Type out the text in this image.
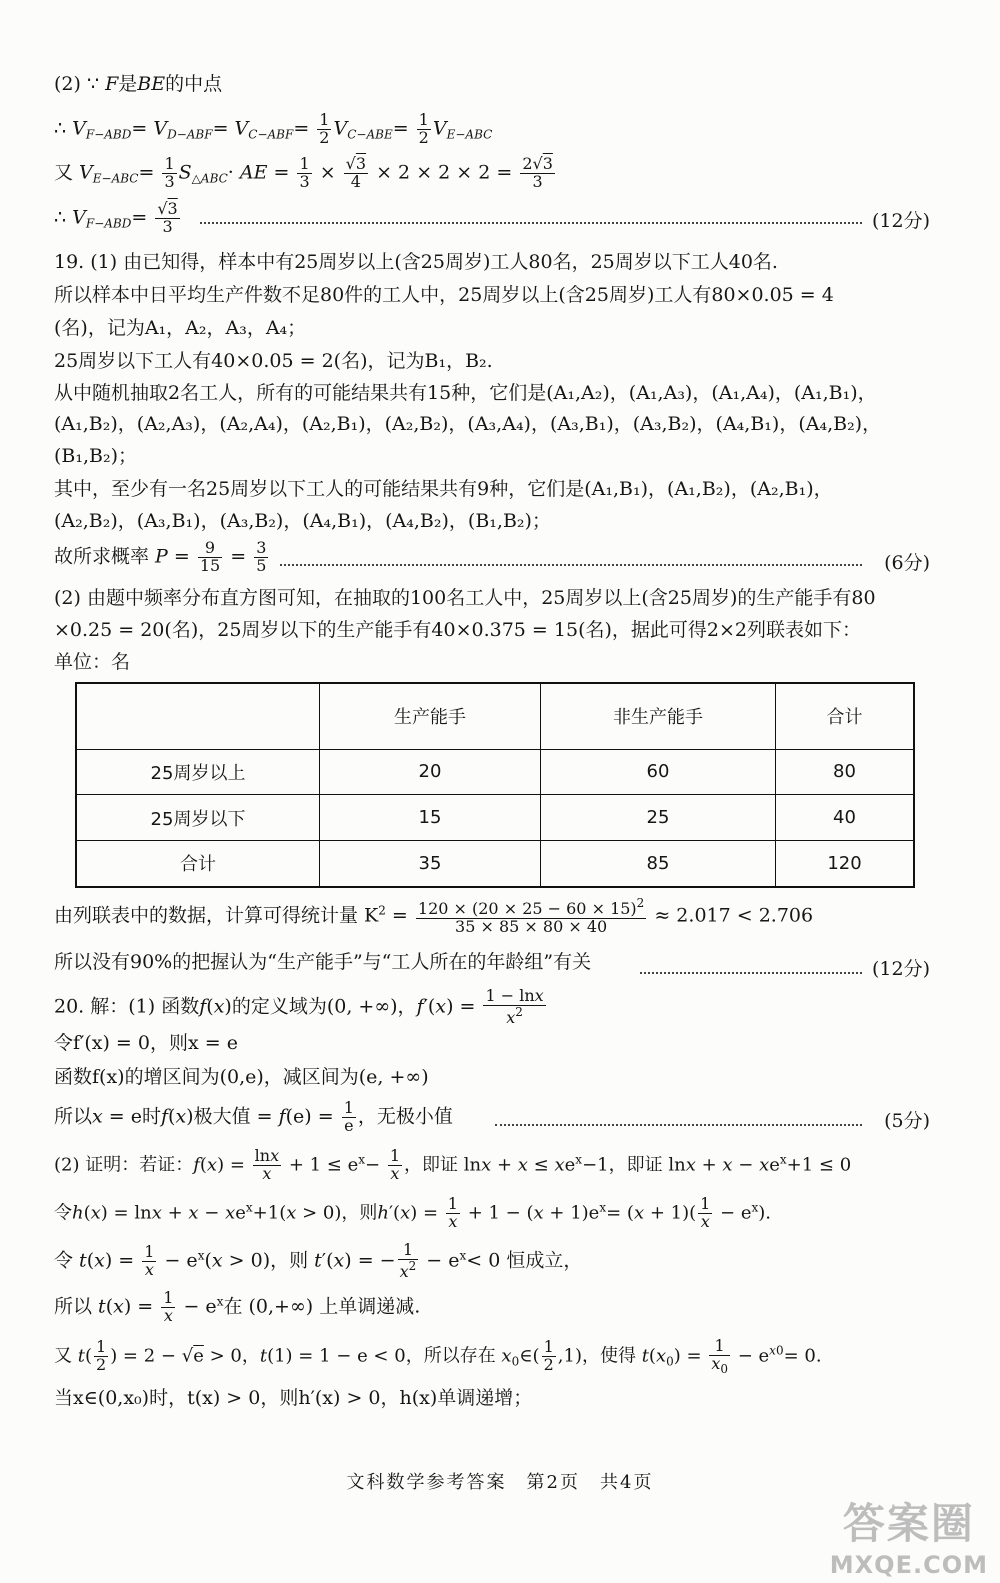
(2) ∵ F是BE的中点
∴ $V_{F-ABD}= V_{D-ABF}= V_{C-ABF}= \frac{1}{2} V_{C-ABE}= \frac{1}{2} V_{E-ABC}$
又 $V_{E-ABC}= \frac{1}{3} S_{\triangle ABC}\cdot$ AE = $\frac{1}{3} \times \frac{√3}{4} \times 2 \times 2 \times 2 = \frac{2√3}{3}$
∴ $V_{F-ABD}= \frac{√3}{3}$	(12分)
19. (1) 由已知得，样本中有25周岁以上(含25周岁)工人80名，25周岁以下工人40名.
所以样本中日平均生产件数不足80件的工人中，25周岁以上(含25周岁)工人有80×0.05 = 4
(名)，记为A₁，A₂，A₃，A₄；
25周岁以下工人有40×0.05 = 2(名)，记为B₁，B₂.
从中随机抽取2名工人，所有的可能结果共有15种，它们是(A₁,A₂)，(A₁,A₃)，(A₁,A₄)，(A₁,B₁)，
(A₁,B₂)，(A₂,A₃)，(A₂,A₄)，(A₂,B₁)，(A₂,B₂)，(A₃,A₄)，(A₃,B₁)，(A₃,B₂)，(A₄,B₁)，(A₄,B₂)，
(B₁,B₂)；
其中，至少有一名25周岁以下工人的可能结果共有9种，它们是(A₁,B₁)，(A₁,B₂)，(A₂,B₁)，
(A₂,B₂)，(A₃,B₁)，(A₃,B₂)，(A₄,B₁)，(A₄,B₂)，(B₁,B₂)；
故所求概率 $P = \frac{9}{15} = \frac{3}{5}$	(6分)
(2) 由题中频率分布直方图可知，在抽取的100名工人中，25周岁以上(含25周岁)的生产能手有80
×0.25 = 20(名)，25周岁以下的生产能手有40×0.375 = 15(名)，据此可得2×2列联表如下：
单位：名
	生产能手	非生产能手	合计
25周岁以上	20	60	80
25周岁以下	15	25	40
合计	35	85	120
由列联表中的数据，计算可得统计量 $K^2 = \frac{120 \times (20 \times 25 - 60 \times 15)^2}{35 \times 85 \times 80 \times 40} \approx 2.017 < 2.706$
所以没有90%的把握认为“生产能手”与“工人所在的年龄组”有关	(12分)
20. 解：(1) 函数f(x)的定义域为(0, +∞)，$f'(x) = \frac{1 - \ln x}{x^2}$
令f′(x) = 0，则x = e
函数f(x)的增区间为(0,e)，减区间为(e, +∞)
所以x = e时f(x)极大值 = $f(e) = \frac{1}{e}$ ，无极小值	(5分)
(2) 证明：若证：$f(x) = \frac{\ln x}{x} + 1 \le e^x- \frac{1}{x}$ ，即证 $\ln x + x \le xe^x-1$，即证 $\ln x + x - xe^x+1 \le 0$
令$h(x) = \ln x + x - xe^x+1(x > 0)$，则$h'(x) = \frac{1}{x} + 1 - (x + 1)e^x= (x + 1)( \frac{1}{x} - e^x)$.
令 $t(x) = \frac{1}{x} - e^x(x > 0)$，则 t′(x) = − $\frac{1}{x^2} - e^x< 0$ 恒成立，
所以 $t(x) = \frac{1}{x} - e^x$在 (0,+∞) 上单调递减.
又 $t( \frac{1}{2}$ ) = 2 − √e > 0，t(1) = 1 − e < 0，所以存在 $x_0\in( \frac{1}{2} ,1)$，使得 $t(x_0) = \frac{1}{x_0} - e^{x0}= 0$.
当x∈(0,x₀)时，t(x) > 0，则h′(x) > 0，h(x)单调递增；
文科数学参考答案　第2页　共4页
答案圈
MXQE.COM
